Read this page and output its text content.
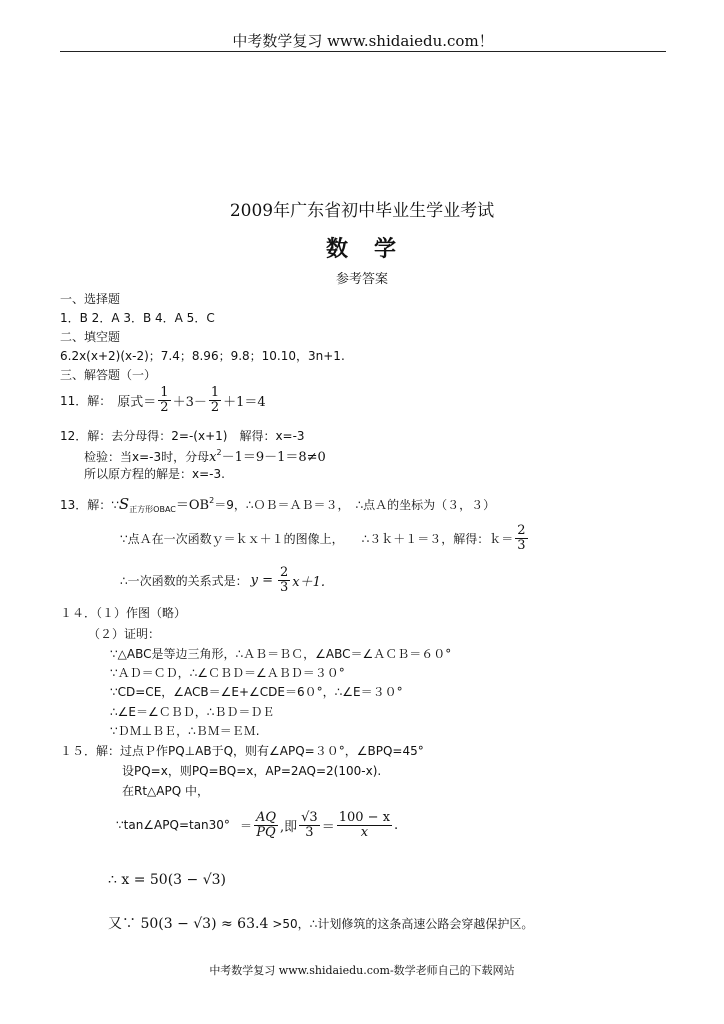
中考数学复习 www.shidaiedu.com！
2009年广东省初中毕业生学业考试
数　学
参考答案
一、选择题
1．B 2．A 3．B 4．A 5．C
二、填空题
6.2x(x+2)(x-2)；7.4；8.96；9.8；10.10，3n+1.
三、解答题（一）
11．解： 原式＝ $\frac{1}{2} +3- \frac{1}{2} +1=4$
12．解：去分母得：2=-(x+1)　解得：x=-3
检验：当x=-3时，分母$x^2-1=9-1=8\ne 0$
所以原方程的解是：x=-3.
13．解：$\because S_{正方形OBAC}=OB^2=9$，∴ＯＢ＝ＡＢ＝３，　∴点Ａ的坐标为（３，３）
∵点Ａ在一次函数ｙ＝ｋｘ＋１的图像上，　　∴３ｋ＋１＝３，解得：ｋ＝ $\frac{2}{3}$
∴一次函数的关系式是： $y = \frac{2}{3} x+1$.
１４．（１）作图（略）
（２）证明：
∵△ABC是等边三角形，∴ＡＢ＝ＢＣ，∠ABC＝∠ＡＣＢ＝６０°
∵ＡＤ＝ＣＤ，∴∠ＣＢＤ＝∠ＡＢＤ＝３０°
∵CD=CE，∠ACB＝∠E+∠CDE＝6０°，∴∠E＝３０°
∴∠E＝∠ＣＢＤ，∴ＢＤ＝ＤＥ
∵ＤＭ⊥ＢＥ，∴ＢＭ＝ＥＭ.
１５．解：过点Ｐ作PQ⊥AB于Q，则有∠APQ=３０°，∠BPQ=45°
设PQ=x，则PQ=BQ=x，AP=2AQ=2(100-x).
在Rt△APQ 中，
∵tan∠APQ=tan30° ＝ $\frac{AQ}{PQ}$ ,即 $\frac{√3}{3} = \frac{100 - x}{x}$ .
∴ x = 50(3 − √3)
又∵ 50(3 − √3) ≈ 63.4 >50，∴计划修筑的这条高速公路会穿越保护区。
中考数学复习 www.shidaiedu.com-数学老师自己的下载网站
